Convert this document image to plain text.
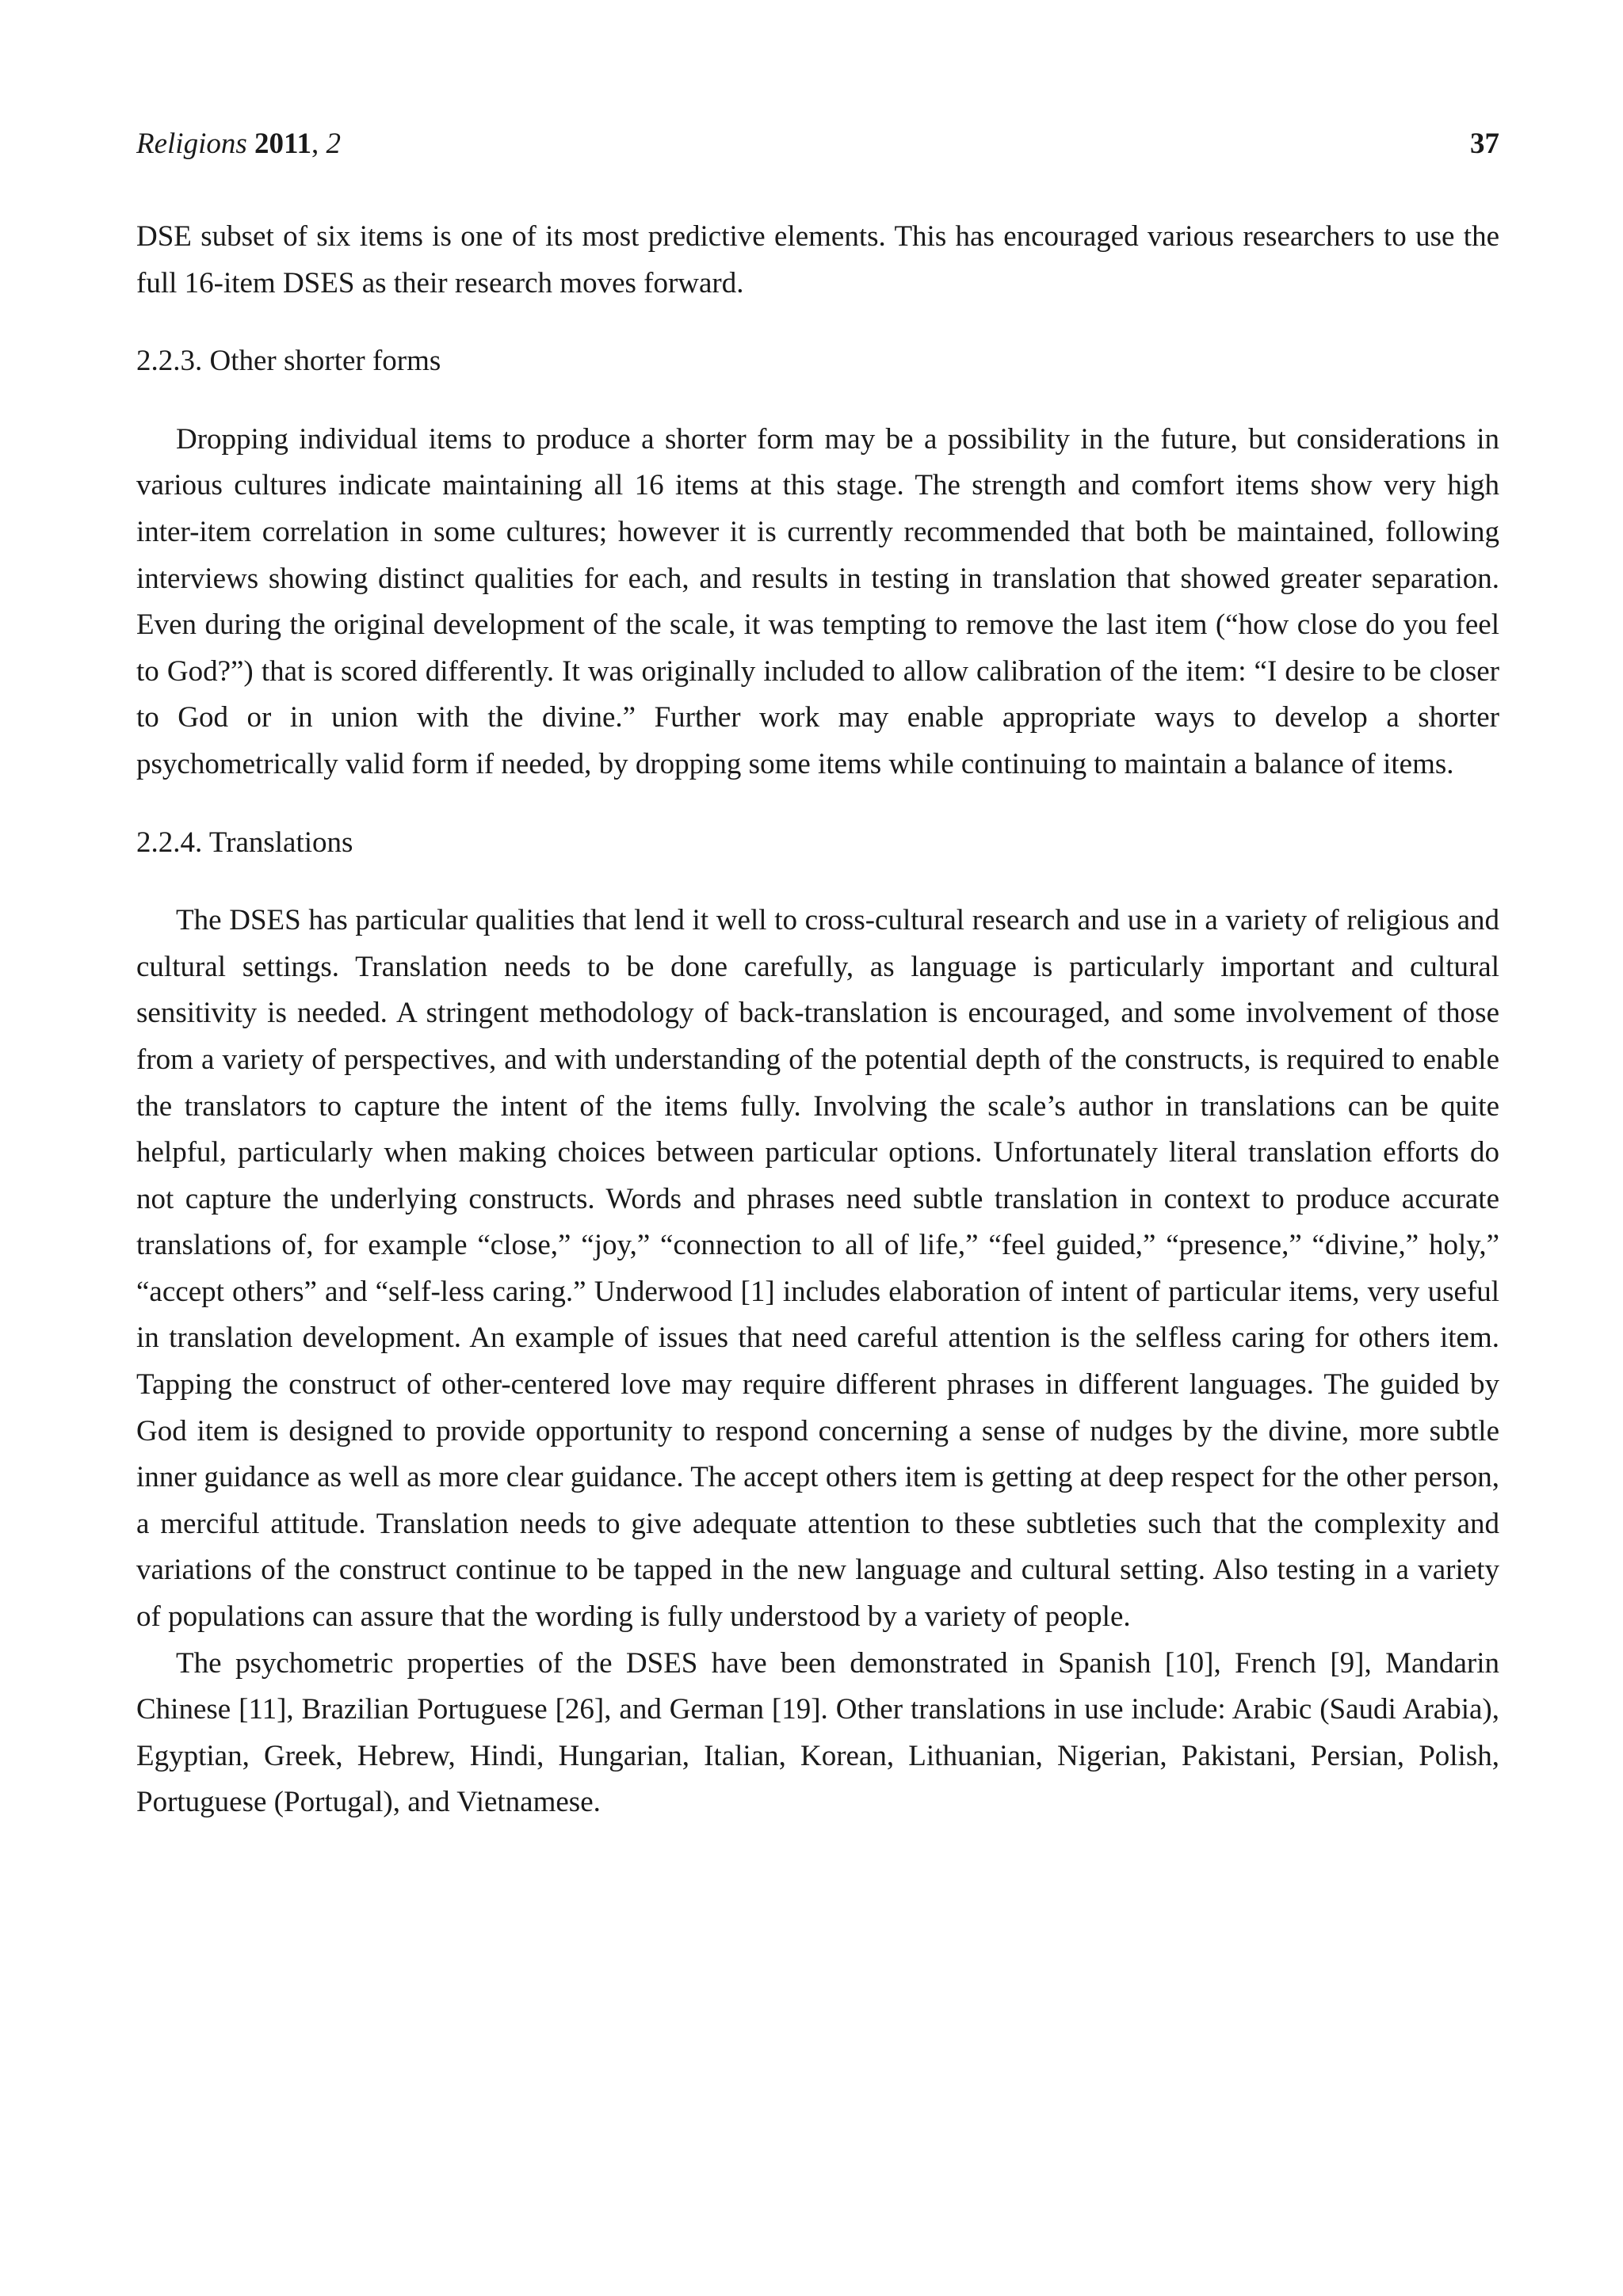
Religions 2011, 2	37

DSE subset of six items is one of its most predictive elements. This has encouraged various researchers to use the full 16-item DSES as their research moves forward.

2.2.3. Other shorter forms

Dropping individual items to produce a shorter form may be a possibility in the future, but considerations in various cultures indicate maintaining all 16 items at this stage. The strength and comfort items show very high inter-item correlation in some cultures; however it is currently recommended that both be maintained, following interviews showing distinct qualities for each, and results in testing in translation that showed greater separation. Even during the original development of the scale, it was tempting to remove the last item (“how close do you feel to God?”) that is scored differently. It was originally included to allow calibration of the item: “I desire to be closer to God or in union with the divine.” Further work may enable appropriate ways to develop a shorter psychometrically valid form if needed, by dropping some items while continuing to maintain a balance of items.

2.2.4. Translations

The DSES has particular qualities that lend it well to cross-cultural research and use in a variety of religious and cultural settings. Translation needs to be done carefully, as language is particularly important and cultural sensitivity is needed. A stringent methodology of back-translation is encouraged, and some involvement of those from a variety of perspectives, and with understanding of the potential depth of the constructs, is required to enable the translators to capture the intent of the items fully. Involving the scale’s author in translations can be quite helpful, particularly when making choices between particular options. Unfortunately literal translation efforts do not capture the underlying constructs. Words and phrases need subtle translation in context to produce accurate translations of, for example “close,” “joy,” “connection to all of life,” “feel guided,” “presence,” “divine,” holy,” “accept others” and “self-less caring.” Underwood [1] includes elaboration of intent of particular items, very useful in translation development. An example of issues that need careful attention is the selfless caring for others item. Tapping the construct of other-centered love may require different phrases in different languages. The guided by God item is designed to provide opportunity to respond concerning a sense of nudges by the divine, more subtle inner guidance as well as more clear guidance. The accept others item is getting at deep respect for the other person, a merciful attitude. Translation needs to give adequate attention to these subtleties such that the complexity and variations of the construct continue to be tapped in the new language and cultural setting. Also testing in a variety of populations can assure that the wording is fully understood by a variety of people.

The psychometric properties of the DSES have been demonstrated in Spanish [10], French [9], Mandarin Chinese [11], Brazilian Portuguese [26], and German [19]. Other translations in use include: Arabic (Saudi Arabia), Egyptian, Greek, Hebrew, Hindi, Hungarian, Italian, Korean, Lithuanian, Nigerian, Pakistani, Persian, Polish, Portuguese (Portugal), and Vietnamese.
